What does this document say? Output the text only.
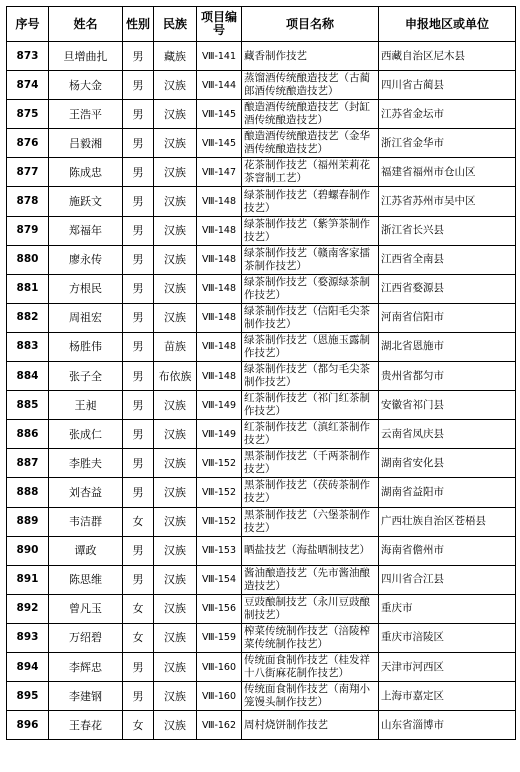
序号	姓名	性别	民族	项目编号	项目名称	申报地区或单位
873	旦增曲扎	男	藏族	Ⅷ-141	藏香制作技艺	西藏自治区尼木县
874	杨大金	男	汉族	Ⅷ-144	蒸馏酒传统酿造技艺（古蔺郎酒传统酿造技艺）	四川省古蔺县
875	王浩平	男	汉族	Ⅷ-145	酿造酒传统酿造技艺（封缸酒传统酿造技艺）	江苏省金坛市
876	吕毅湘	男	汉族	Ⅷ-145	酿造酒传统酿造技艺（金华酒传统酿造技艺）	浙江省金华市
877	陈成忠	男	汉族	Ⅷ-147	花茶制作技艺（福州茉莉花茶窨制工艺）	福建省福州市仓山区
878	施跃文	男	汉族	Ⅷ-148	绿茶制作技艺（碧螺春制作技艺）	江苏省苏州市吴中区
879	郑福年	男	汉族	Ⅷ-148	绿茶制作技艺（紫笋茶制作技艺）	浙江省长兴县
880	廖永传	男	汉族	Ⅷ-148	绿茶制作技艺（赣南客家擂茶制作技艺）	江西省全南县
881	方根民	男	汉族	Ⅷ-148	绿茶制作技艺（婺源绿茶制作技艺）	江西省婺源县
882	周祖宏	男	汉族	Ⅷ-148	绿茶制作技艺（信阳毛尖茶制作技艺）	河南省信阳市
883	杨胜伟	男	苗族	Ⅷ-148	绿茶制作技艺（恩施玉露制作技艺）	湖北省恩施市
884	张子全	男	布依族	Ⅷ-148	绿茶制作技艺（都匀毛尖茶制作技艺）	贵州省都匀市
885	王昶	男	汉族	Ⅷ-149	红茶制作技艺（祁门红茶制作技艺）	安徽省祁门县
886	张成仁	男	汉族	Ⅷ-149	红茶制作技艺（滇红茶制作技艺）	云南省凤庆县
887	李胜夫	男	汉族	Ⅷ-152	黑茶制作技艺（千两茶制作技艺）	湖南省安化县
888	刘杏益	男	汉族	Ⅷ-152	黑茶制作技艺（茯砖茶制作技艺）	湖南省益阳市
889	韦洁群	女	汉族	Ⅷ-152	黑茶制作技艺（六堡茶制作技艺）	广西壮族自治区苍梧县
890	谭政	男	汉族	Ⅷ-153	晒盐技艺（海盐晒制技艺）	海南省儋州市
891	陈思维	男	汉族	Ⅷ-154	酱油酿造技艺（先市酱油酿造技艺）	四川省合江县
892	曾凡玉	女	汉族	Ⅷ-156	豆豉酿制技艺（永川豆豉酿制技艺）	重庆市
893	万绍碧	女	汉族	Ⅷ-159	榨菜传统制作技艺（涪陵榨菜传统制作技艺）	重庆市涪陵区
894	李辉忠	男	汉族	Ⅷ-160	传统面食制作技艺（桂发祥十八街麻花制作技艺）	天津市河西区
895	李建钢	男	汉族	Ⅷ-160	传统面食制作技艺（南翔小笼馒头制作技艺）	上海市嘉定区
896	王春花	女	汉族	Ⅷ-162	周村烧饼制作技艺	山东省淄博市
